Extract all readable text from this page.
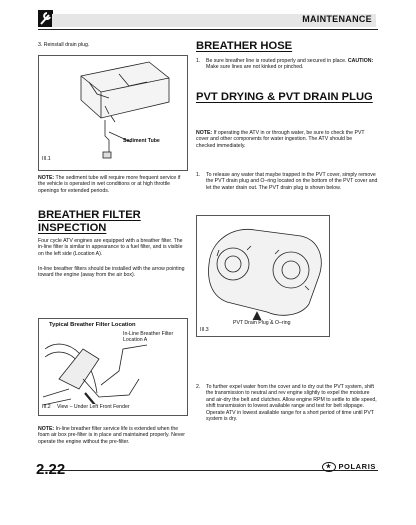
MAINTENANCE
3. Reinstall drain plug.
Sediment Tube
III.1
NOTE: The sediment tube will require more frequent service if the vehicle is operated in wet conditions or at high throttle openings for extended periods.
BREATHER FILTER INSPECTION
Four cycle ATV engines are equipped with a breather filter. The in-line filter is similar in appearance to a fuel filter, and is visible on the left side (Location A).
In-line breather filters should be installed with the arrow pointing toward the engine (away from the air box).
Typical Breather Filter Location
In-Line Breather Filter Location A
III.2 View – Under Left Front Fender
NOTE: In-line breather filter service life is extended when the foam air box pre-filter is in place and maintained properly. Never operate the engine without the pre-filter.
BREATHER HOSE
1. Be sure breather line is routed properly and secured in place. CAUTION: Make sure lines are not kinked or pinched.
PVT DRYING & PVT DRAIN PLUG
NOTE: If operating the ATV in or through water, be sure to check the PVT cover and other components for water ingestion. The ATV should be checked immediately.
1. To release any water that maybe trapped in the PVT cover, simply remove the PVT drain plug and O–ring located on the bottom of the PVT cover and let the water drain out. The PVT drain plug is shown below.
PVT Drain Plug & O–ring
III.3
2. To further expel water from the cover and to dry out the PVT system, shift the transmission to neutral and rev engine slightly to expel the moisture and air-dry the belt and clutches. Allow engine RPM to settle to idle speed, shift transmission to lowest available range and test for belt slippage. Operate ATV in lowest available range for a short period of time until PVT system is dry.
2.22	★ POLARIS
